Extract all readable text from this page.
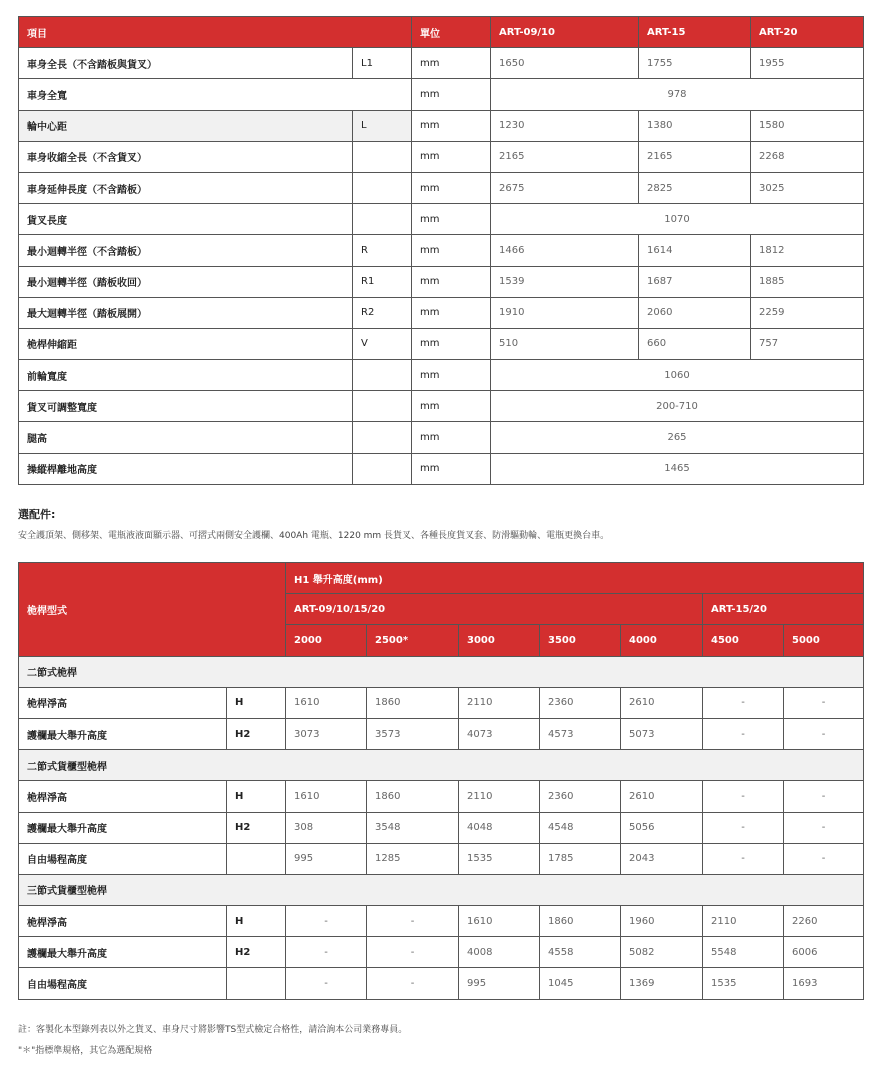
項目		單位	ART-09/10	ART-15	ART-20
車身全長（不含踏板與貨叉）	L1	mm	1650	1755	1955
車身全寬		mm	978		
輪中心距	L	mm	1230	1380	1580
車身收縮全長（不含貨叉）		mm	2165	2165	2268
車身延伸長度（不含踏板）		mm	2675	2825	3025
貨叉長度		mm	1070		
最小迴轉半徑（不含踏板）	R	mm	1466	1614	1812
最小迴轉半徑（踏板收回）	R1	mm	1539	1687	1885
最大迴轉半徑（踏板展開）	R2	mm	1910	2060	2259
桅桿伸縮距	V	mm	510	660	757
前輪寬度		mm	1060		
貨叉可調整寬度		mm	200-710		
腿高		mm	265		
操縱桿離地高度		mm	1465		
選配件:
安全護頂架、側移架、電瓶液液面顯示器、可摺式兩側安全護欄、400Ah 電瓶、1220 mm 長貨叉、各種長度貨叉套、防滑驅動輪、電瓶更換台車。
桅桿型式		H1 舉升高度(mm)						
		ART-09/10/15/20					ART-15/20	
		2000	2500*	3000	3500	4000	4500	5000
二節式桅桿								
桅桿淨高	H	1610	1860	2110	2360	2610	-	-
護欄最大舉升高度	H2	3073	3573	4073	4573	5073	-	-
二節式貨櫃型桅桿								
桅桿淨高	H	1610	1860	2110	2360	2610	-	-
護欄最大舉升高度	H2	308	3548	4048	4548	5056	-	-
自由場程高度		995	1285	1535	1785	2043	-	-
三節式貨櫃型桅桿								
桅桿淨高	H	-	-	1610	1860	1960	2110	2260
護欄最大舉升高度	H2	-	-	4008	4558	5082	5548	6006
自由場程高度		-	-	995	1045	1369	1535	1693
註：客製化本型錄列表以外之貨叉、車身尺寸將影響TS型式檢定合格性，請洽詢本公司業務專員。
"＊"指標準規格，其它為選配規格
